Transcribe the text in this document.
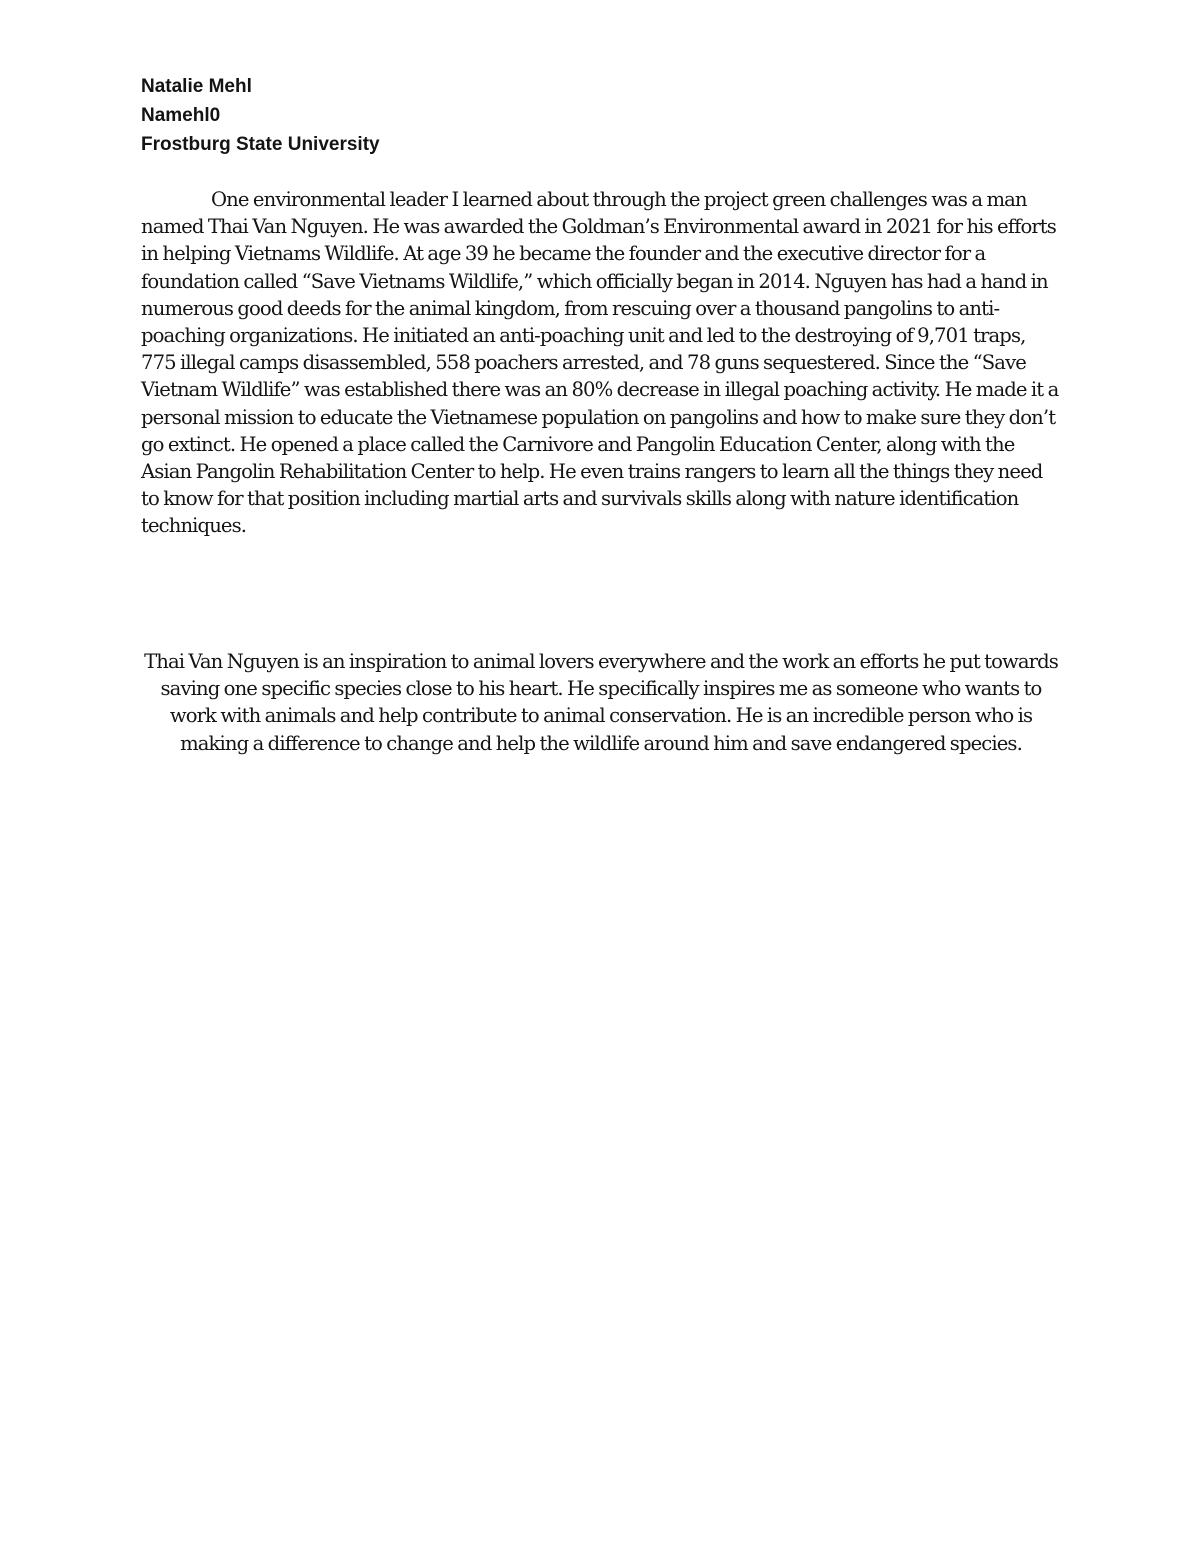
Natalie Mehl
Namehl0
Frostburg State University

One environmental leader I learned about through the project green challenges was a man named Thai Van Nguyen. He was awarded the Goldman’s Environmental award in 2021 for his efforts in helping Vietnams Wildlife. At age 39 he became the founder and the executive director for a foundation called “Save Vietnams Wildlife,” which officially began in 2014. Nguyen has had a hand in numerous good deeds for the animal kingdom, from rescuing over a thousand pangolins to anti-poaching organizations. He initiated an anti-poaching unit and led to the destroying of 9,701 traps, 775 illegal camps disassembled, 558 poachers arrested, and 78 guns sequestered. Since the “Save Vietnam Wildlife” was established there was an 80% decrease in illegal poaching activity. He made it a personal mission to educate the Vietnamese population on pangolins and how to make sure they don’t go extinct. He opened a place called the Carnivore and Pangolin Education Center, along with the Asian Pangolin Rehabilitation Center to help. He even trains rangers to learn all the things they need to know for that position including martial arts and survivals skills along with nature identification techniques.

Thai Van Nguyen is an inspiration to animal lovers everywhere and the work an efforts he put towards saving one specific species close to his heart. He specifically inspires me as someone who wants to work with animals and help contribute to animal conservation. He is an incredible person who is making a difference to change and help the wildlife around him and save endangered species.
